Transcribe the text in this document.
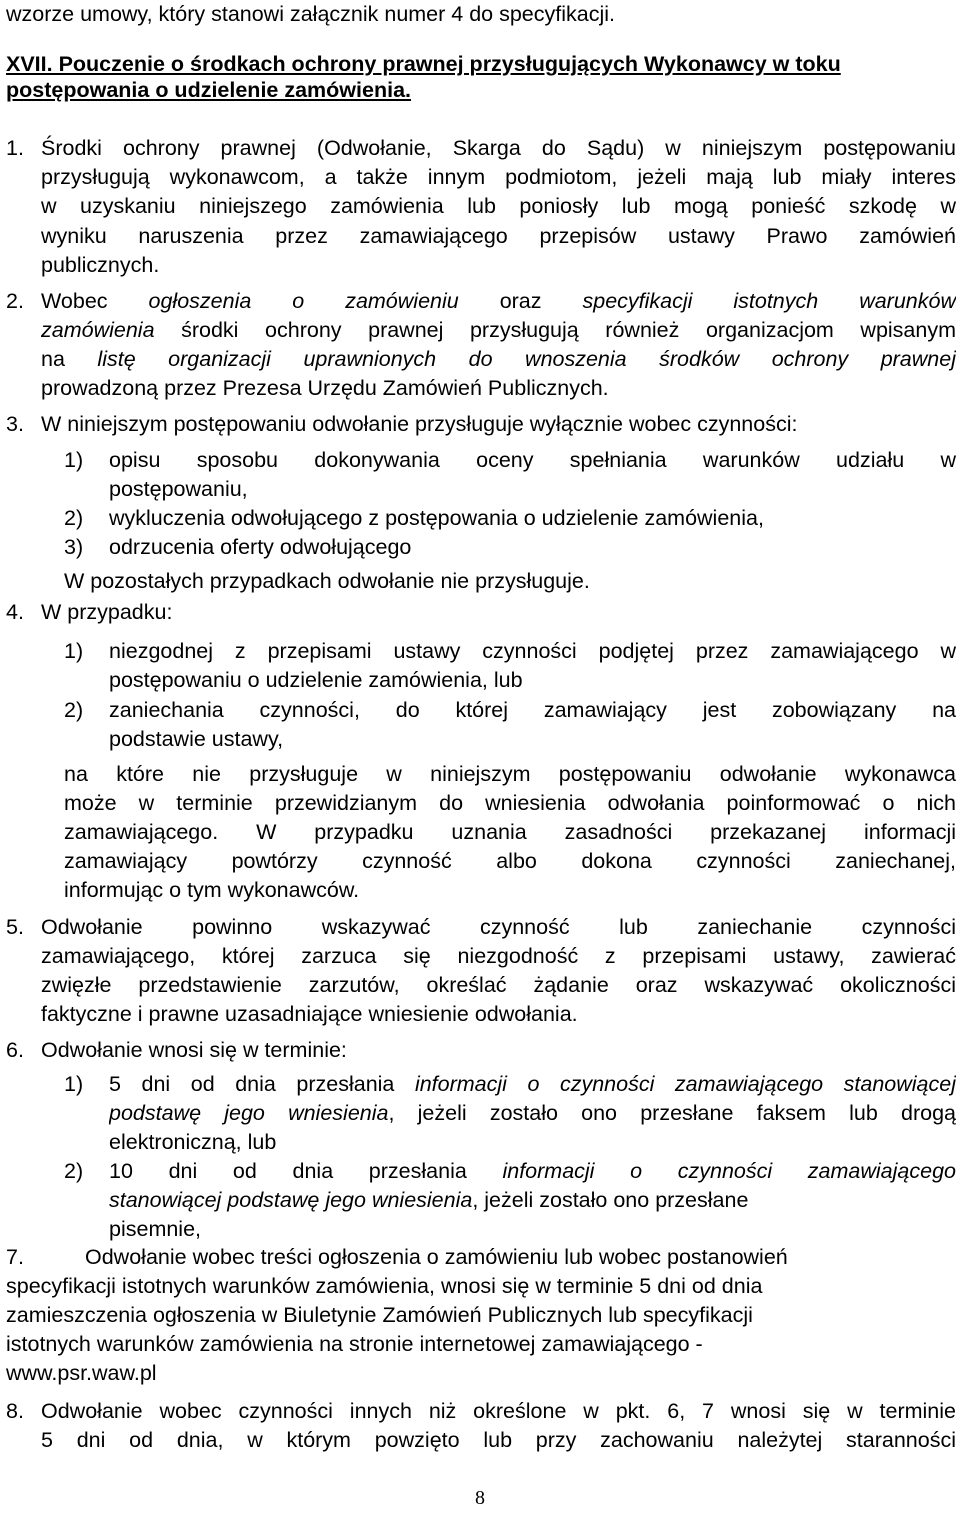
wzorze umowy, który stanowi załącznik numer 4 do specyfikacji.
XVII. Pouczenie o środkach ochrony prawnej przysługujących Wykonawcy w toku
postępowania o udzielenie zamówienia.
1. Środki ochrony prawnej (Odwołanie, Skarga do Sądu) w niniejszym postępowaniu
przysługują wykonawcom, a także innym podmiotom, jeżeli mają lub miały interes
w uzyskaniu niniejszego zamówienia lub poniosły lub mogą ponieść szkodę w
wyniku naruszenia przez zamawiającego przepisów ustawy Prawo zamówień
publicznych.
2. Wobec ogłoszenia o zamówieniu oraz specyfikacji istotnych warunków
zamówienia środki ochrony prawnej przysługują również organizacjom wpisanym
na listę organizacji uprawnionych do wnoszenia środków ochrony prawnej
prowadzoną przez Prezesa Urzędu Zamówień Publicznych.
3. W niniejszym postępowaniu odwołanie przysługuje wyłącznie wobec czynności:
1) opisu sposobu dokonywania oceny spełniania warunków udziału w
postępowaniu,
2) wykluczenia odwołującego z postępowania o udzielenie zamówienia,
3) odrzucenia oferty odwołującego
W pozostałych przypadkach odwołanie nie przysługuje.
4. W przypadku:
1) niezgodnej z przepisami ustawy czynności podjętej przez zamawiającego w
postępowaniu o udzielenie zamówienia, lub
2) zaniechania czynności, do której zamawiający jest zobowiązany na
podstawie ustawy,
na które nie przysługuje w niniejszym postępowaniu odwołanie wykonawca
może w terminie przewidzianym do wniesienia odwołania poinformować o nich
zamawiającego. W przypadku uznania zasadności przekazanej informacji
zamawiający powtórzy czynność albo dokona czynności zaniechanej,
informując o tym wykonawców.
5. Odwołanie powinno wskazywać czynność lub zaniechanie czynności
zamawiającego, której zarzuca się niezgodność z przepisami ustawy, zawierać
zwięzłe przedstawienie zarzutów, określać żądanie oraz wskazywać okoliczności
faktyczne i prawne uzasadniające wniesienie odwołania.
6. Odwołanie wnosi się w terminie:
1) 5 dni od dnia przesłania informacji o czynności zamawiającego stanowiącej
podstawę jego wniesienia, jeżeli zostało ono przesłane faksem lub drogą
elektroniczną, lub
2) 10 dni od dnia przesłania informacji o czynności zamawiającego
stanowiącej podstawę jego wniesienia, jeżeli zostało ono przesłane
pisemnie,
7.	Odwołanie wobec treści ogłoszenia o zamówieniu lub wobec postanowień
specyfikacji istotnych warunków zamówienia, wnosi się w terminie 5 dni od dnia
zamieszczenia ogłoszenia w Biuletynie Zamówień Publicznych lub specyfikacji
istotnych warunków zamówienia na stronie internetowej zamawiającego -
www.psr.waw.pl
8. Odwołanie wobec czynności innych niż określone w pkt. 6, 7 wnosi się w terminie
5 dni od dnia, w którym powzięto lub przy zachowaniu należytej staranności
8
